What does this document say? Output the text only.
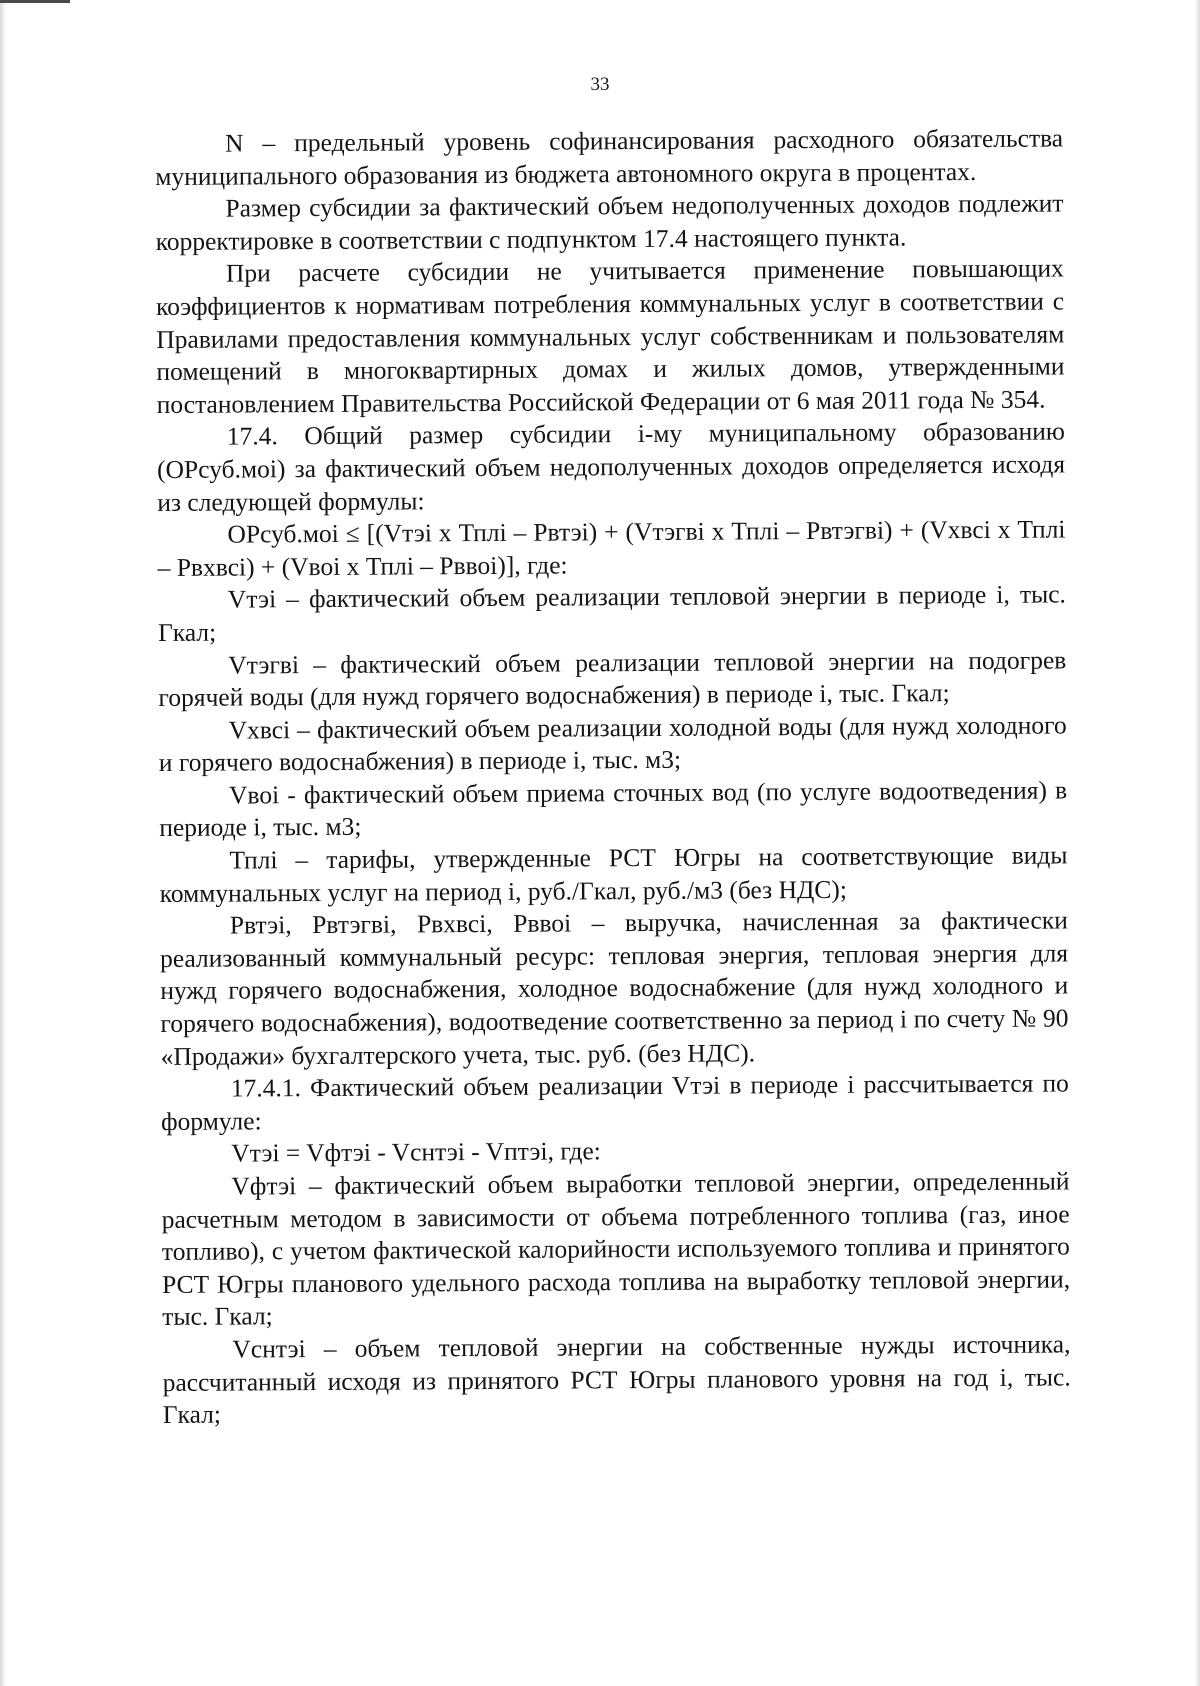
33

N – предельный уровень софинансирования расходного обязательства муниципального образования из бюджета автономного округа в процентах.

Размер субсидии за фактический объем недополученных доходов подлежит корректировке в соответствии с подпунктом 17.4 настоящего пункта.

При расчете субсидии не учитывается применение повышающих коэффициентов к нормативам потребления коммунальных услуг в соответствии с Правилами предоставления коммунальных услуг собственникам и пользователям помещений в многоквартирных домах и жилых домов, утвержденными постановлением Правительства Российской Федерации от 6 мая 2011 года № 354.

17.4. Общий размер субсидии i-му муниципальному образованию (ОРсуб.моi) за фактический объем недополученных доходов определяется исходя из следующей формулы:

ОРсуб.моi ≤ [(Vтэi х Тплi – Рвтэi) + (Vтэгвi х Тплi – Рвтэгвi) + (Vхвсi х Тплi – Рвхвсi) + (Vвоi х Тплi – Рввоi)], где:

Vтэi – фактический объем реализации тепловой энергии в периоде i, тыс. Гкал;

Vтэгвi – фактический объем реализации тепловой энергии на подогрев горячей воды (для нужд горячего водоснабжения) в периоде i, тыс. Гкал;

Vхвсi – фактический объем реализации холодной воды (для нужд холодного и горячего водоснабжения) в периоде i, тыс. м3;

Vвоi - фактический объем приема сточных вод (по услуге водоотведения) в периоде i, тыс. м3;

Тплi – тарифы, утвержденные РСТ Югры на соответствующие виды коммунальных услуг на период i, руб./Гкал, руб./м3 (без НДС);

Рвтэi, Рвтэгвi, Рвхвсi, Рввоi – выручка, начисленная за фактически реализованный коммунальный ресурс: тепловая энергия, тепловая энергия для нужд горячего водоснабжения, холодное водоснабжение (для нужд холодного и горячего водоснабжения), водоотведение соответственно за период i по счету № 90 «Продажи» бухгалтерского учета, тыс. руб. (без НДС).

17.4.1. Фактический объем реализации Vтэi в периоде i рассчитывается по формуле:

Vтэi = Vфтэi - Vснтэi - Vптэi, где:

Vфтэi – фактический объем выработки тепловой энергии, определенный расчетным методом в зависимости от объема потребленного топлива (газ, иное топливо), с учетом фактической калорийности используемого топлива и принятого РСТ Югры планового удельного расхода топлива на выработку тепловой энергии, тыс. Гкал;

Vснтэi – объем тепловой энергии на собственные нужды источника, рассчитанный исходя из принятого РСТ Югры планового уровня на год i, тыс. Гкал;
